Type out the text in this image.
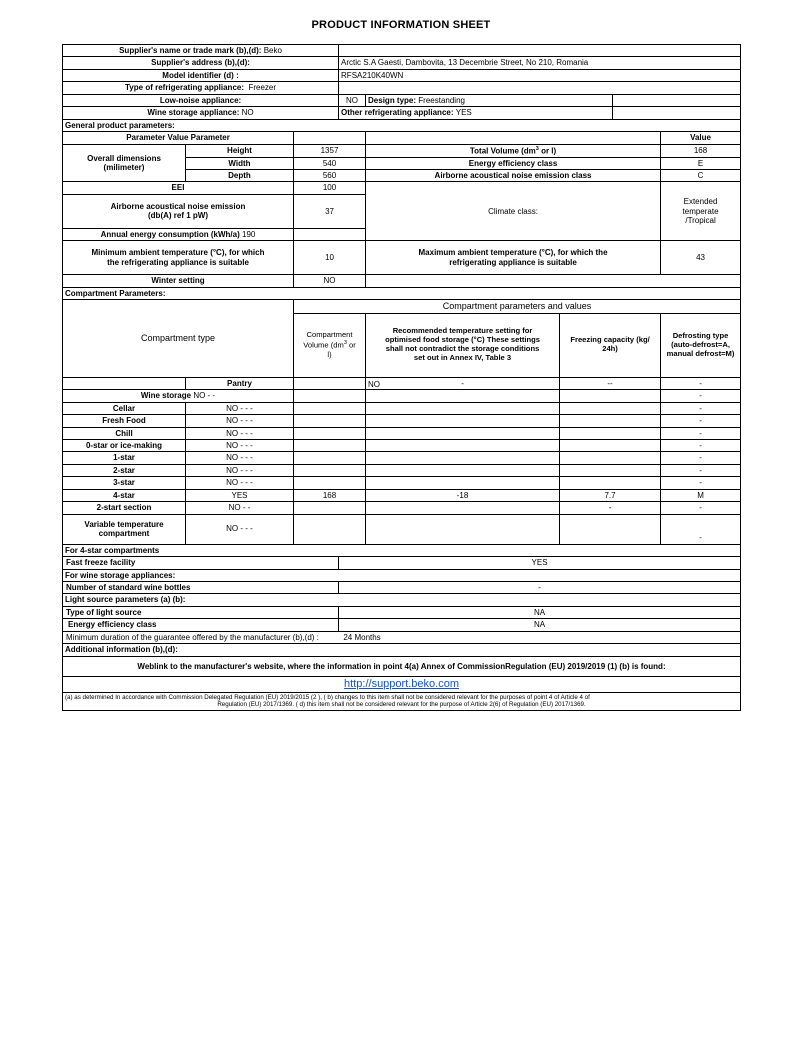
PRODUCT INFORMATION SHEET
Supplier's name or trade mark (b),(d): Beko							
Supplier's address (b),(d):			Arctic S.A Gaesti, Dambovita, 13 Decembrie Street, No 210, Romania				
Model identifier (d) :			RFSA210K40WN				
Type of refrigerating appliance: Freezer							
Low-noise appliance:			NO	Design type: Freestanding			
Wine storage appliance: NO			Other refrigerating appliance: YES				
General product parameters:							
Parameter Value Parameter							Value
Overall dimensions
(milimeter)	Height	1357		Total Volume ($dm^3$ or l)			168
	Width	540		Energy efficiency class			E
	Depth	560		Airborne acoustical noise emission class			C
EEI		100		Climate class:			Extended
temperate
/Tropical
Airborne acoustical noise emission
(db(A) ref 1 pW)		37					
Annual energy consumption (kWh/a) 190							
Minimum ambient temperature (°C), for which
the refrigerating appliance is suitable		10		Maximum ambient temperature (°C), for which the
refrigerating appliance is suitable			43
Winter setting		NO					
Compartment Parameters:							
Compartment type		Compartment parameters and values					
		Compartment
Volume ($dm^3$ or
l)		Recommended temperature setting for
optimised food storage (°C) These settings
shall not contradict the storage conditions
set out in Annex IV, Table 3	Freezing capacity (kg/
24h)		Defrosting type
(auto-defrost=A,
manual defrost=M)
	Pantry			NO -	--		-
Wine storage NO - -							-
Cellar	NO - - -						-
Fresh Food	NO - - -						-
Chill	NO - - -						-
0-star or ice-making	NO - - -						-
1-star	NO - - -						-
2-star	NO - - -						-
3-star	NO - - -						-
4-star	YES	168		-18	7.7		M
2-start section	NO - -				-		-
Variable temperature
compartment	NO - - -						-
For 4-star compartments							
Fast freeze facility			YES				
For wine storage appliances:							
Number of standard wine bottles			-				
Light source parameters (a) (b):							
Type of light source			NA				
Energy efficiency class			NA				
Minimum duration of the guarantee offered by the manufacturer (b),(d) : 24 Months							
Additional information (b),(d):							
Weblink to the manufacturer's website, where the information in point 4(a) Annex of CommissionRegulation (EU) 2019/2019 (1) (b) is found:							
http://support.beko.com							

(a) as determined In accordance with Commission Delegated Regulation (EU) 2019/2015 (2 ), ( b) changes to this item shall not be considered relevant for the purposes of point 4 of Article 4 of
Regulation (EU) 2017/1369. ( d) this item shall not be considered relevant for the purpose of Article 2(6) of Regulation (EU) 2017/1369.							
